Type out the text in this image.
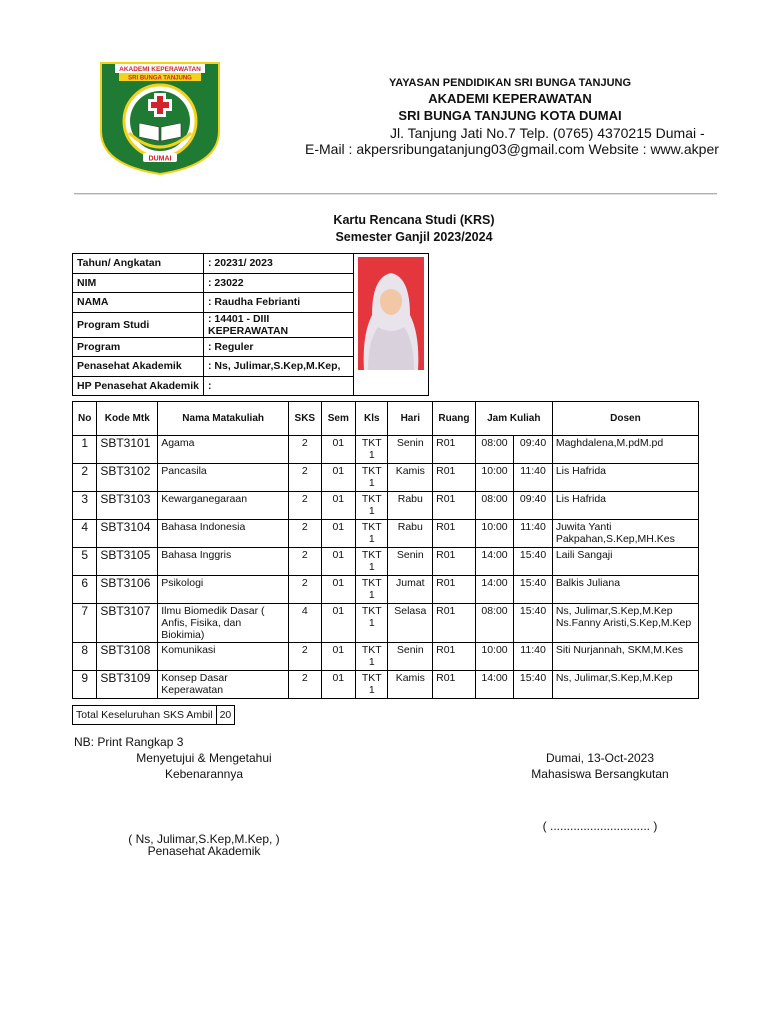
AKADEMI KEPERAWATAN
SRI BUNGA TANJUNG
DUMAI
YAYASAN PENDIDIKAN SRI BUNGA TANJUNG
AKADEMI KEPERAWATAN
SRI BUNGA TANJUNG KOTA DUMAI
Jl. Tanjung Jati No.7 Telp. (0765) 4370215 Dumai -
E-Mail : akpersribungatanjung03@gmail.com Website : www.akper
Kartu Rencana Studi (KRS)
Semester Ganjil 2023/2024
Tahun/ Angkatan	: 20231/ 2023	

NIM	: 23022	
NAMA	: Raudha Febrianti	
Program Studi	: 14401 - DIII KEPERAWATAN	
Program	: Reguler	
Penasehat Akademik	: Ns, Julimar,S.Kep,M.Kep,	
HP Penasehat Akademik	:	
No	Kode Mtk	Nama Matakuliah	SKS	Sem	Kls	Hari	Ruang	Jam Kuliah		Dosen
1	SBT3101	Agama	2	01	TKT 1	Senin	R01	08:00	09:40	Maghdalena,M.pdM.pd
2	SBT3102	Pancasila	2	01	TKT 1	Kamis	R01	10:00	11:40	Lis Hafrida
3	SBT3103	Kewarganegaraan	2	01	TKT 1	Rabu	R01	08:00	09:40	Lis Hafrida
4	SBT3104	Bahasa Indonesia	2	01	TKT 1	Rabu	R01	10:00	11:40	Juwita Yanti Pakpahan,S.Kep,MH.Kes
5	SBT3105	Bahasa Inggris	2	01	TKT 1	Senin	R01	14:00	15:40	Laili Sangaji
6	SBT3106	Psikologi	2	01	TKT 1	Jumat	R01	14:00	15:40	Balkis Juliana
7	SBT3107	Ilmu Biomedik Dasar ( Anfis, Fisika, dan Biokimia)	4	01	TKT 1	Selasa	R01	08:00	15:40	Ns, Julimar,S.Kep,M.Kep Ns.Fanny Aristi,S.Kep,M.Kep
8	SBT3108	Komunikasi	2	01	TKT 1	Senin	R01	10:00	11:40	Siti Nurjannah, SKM,M.Kes
9	SBT3109	Konsep Dasar Keperawatan	2	01	TKT 1	Kamis	R01	14:00	15:40	Ns, Julimar,S.Kep,M.Kep
Total Keseluruhan SKS Ambil	20
NB: Print Rangkap 3
Menyetujui & Mengetahui
Kebenarannya
Dumai, 13-Oct-2023
Mahasiswa Bersangkutan
( .............................. )
( Ns, Julimar,S.Kep,M.Kep, )
Penasehat Akademik
